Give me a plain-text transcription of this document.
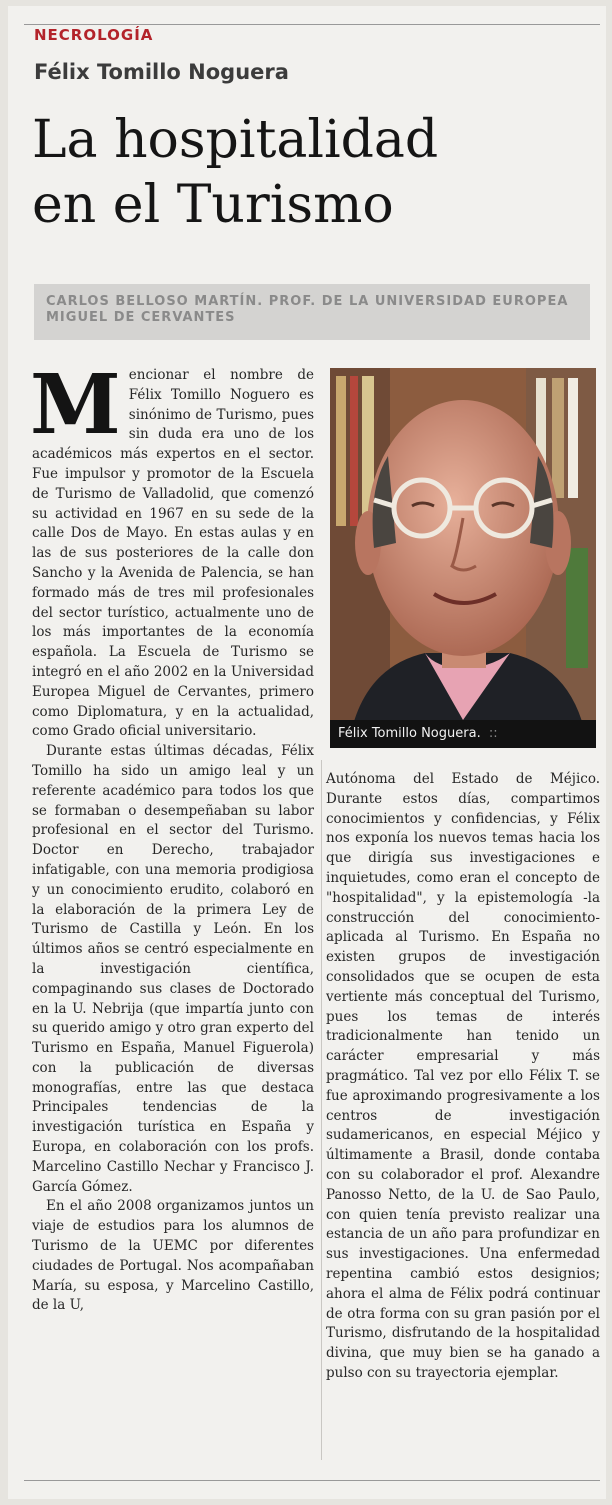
NECROLOGÍA
Félix Tomillo Noguera
La hospitalidad
en el Turismo
CARLOS BELLOSO MARTÍN. PROF. DE LA UNIVERSIDAD EUROPEA MIGUEL DE CERVANTES

Mencionar el nombre de Félix Tomillo Noguero es sinónimo de Turismo, pues sin duda era uno de los académicos más expertos en el sector. Fue impulsor y promotor de la Escuela de Turismo de Valladolid, que comenzó su actividad en 1967 en su sede de la calle Dos de Mayo. En estas aulas y en las de sus posteriores de la calle don Sancho y la Avenida de Palencia, se han formado más de tres mil profesionales del sector turístico, actualmente uno de los más importantes de la economía española. La Escuela de Turismo se integró en el año 2002 en la Universidad Europea Miguel de Cervantes, primero como Diplomatura, y en la actualidad, como Grado oficial universitario.

Durante estas últimas décadas, Félix Tomillo ha sido un amigo leal y un referente académico para todos los que se formaban o desempeñaban su labor profesional en el sector del Turismo. Doctor en Derecho, trabajador infatigable, con una memoria prodigiosa y un conocimiento erudito, colaboró en la elaboración de la primera Ley de Turismo de Castilla y León. En los últimos años se centró especialmente en la investigación científica, compaginando sus clases de Doctorado en la U. Nebrija (que impartía junto con su querido amigo y otro gran experto del Turismo en España, Manuel Figuerola) con la publicación de diversas monografías, entre las que destaca Principales tendencias de la investigación turística en España y Europa, en colaboración con los profs. Marcelino Castillo Nechar y Francisco J. García Gómez.

En el año 2008 organizamos juntos un viaje de estudios para los alumnos de Turismo de la UEMC por diferentes ciudades de Portugal. Nos acompañaban María, su esposa, y Marcelino Castillo, de la U,

Félix Tomillo Noguera. ::

Autónoma del Estado de Méjico. Durante estos días, compartimos conocimientos y confidencias, y Félix nos exponía los nuevos temas hacia los que dirigía sus investigaciones e inquietudes, como eran el concepto de "hospitalidad", y la epistemología -la construcción del conocimiento- aplicada al Turismo. En España no existen grupos de investigación consolidados que se ocupen de esta vertiente más conceptual del Turismo, pues los temas de interés tradicionalmente han tenido un carácter empresarial y más pragmático. Tal vez por ello Félix T. se fue aproximando progresivamente a los centros de investigación sudamericanos, en especial Méjico y últimamente a Brasil, donde contaba con su colaborador el prof. Alexandre Panosso Netto, de la U. de Sao Paulo, con quien tenía previsto realizar una estancia de un año para profundizar en sus investigaciones. Una enfermedad repentina cambió estos designios; ahora el alma de Félix podrá continuar de otra forma con su gran pasión por el Turismo, disfrutando de la hospitalidad divina, que muy bien se ha ganado a pulso con su trayectoria ejemplar.
